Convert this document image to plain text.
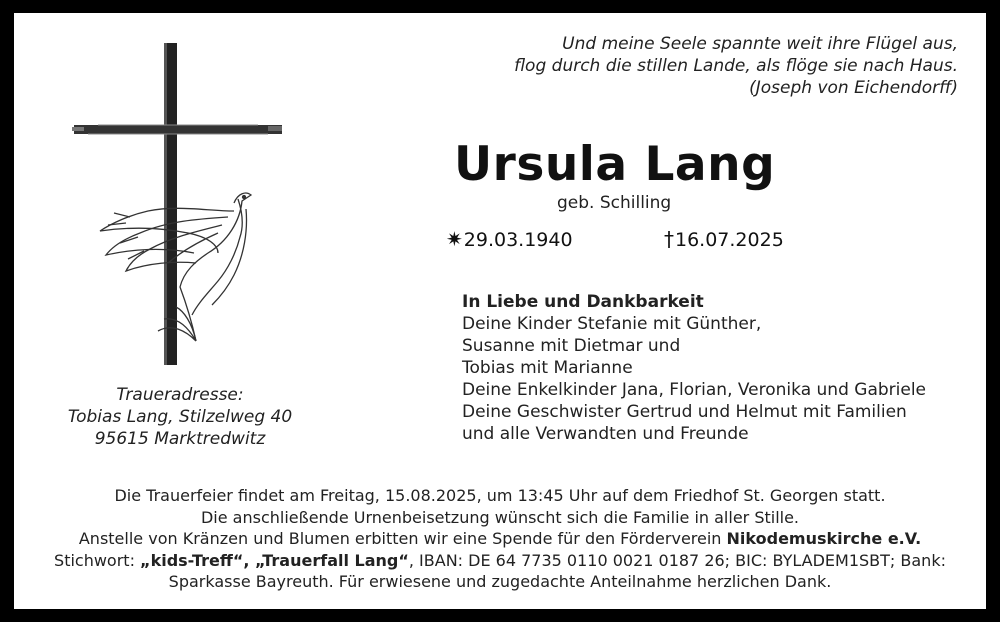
Und meine Seele spannte weit ihre Flügel aus,
flog durch die stillen Lande, als flöge sie nach Haus.
(Joseph von Eichendorff)
Ursula Lang
geb. Schilling
✷29.03.1940	†16.07.2025
Traueradresse:
Tobias Lang, Stilzelweg 40
95615 Marktredwitz
In Liebe und Dankbarkeit
Deine Kinder Stefanie mit Günther,
Susanne mit Dietmar und
Tobias mit Marianne
Deine Enkelkinder Jana, Florian, Veronika und Gabriele
Deine Geschwister Gertrud und Helmut mit Familien
und alle Verwandten und Freunde
Die Trauerfeier findet am Freitag, 15.08.2025, um 13:45 Uhr auf dem Friedhof St. Georgen statt.
Die anschließende Urnenbeisetzung wünscht sich die Familie in aller Stille.
Anstelle von Kränzen und Blumen erbitten wir eine Spende für den Förderverein Nikodemuskirche e.V.
Stichwort: „kids-Treff“, „Trauerfall Lang“, IBAN: DE 64 7735 0110 0021 0187 26; BIC: BYLADEM1SBT; Bank:
Sparkasse Bayreuth. Für erwiesene und zugedachte Anteilnahme herzlichen Dank.
